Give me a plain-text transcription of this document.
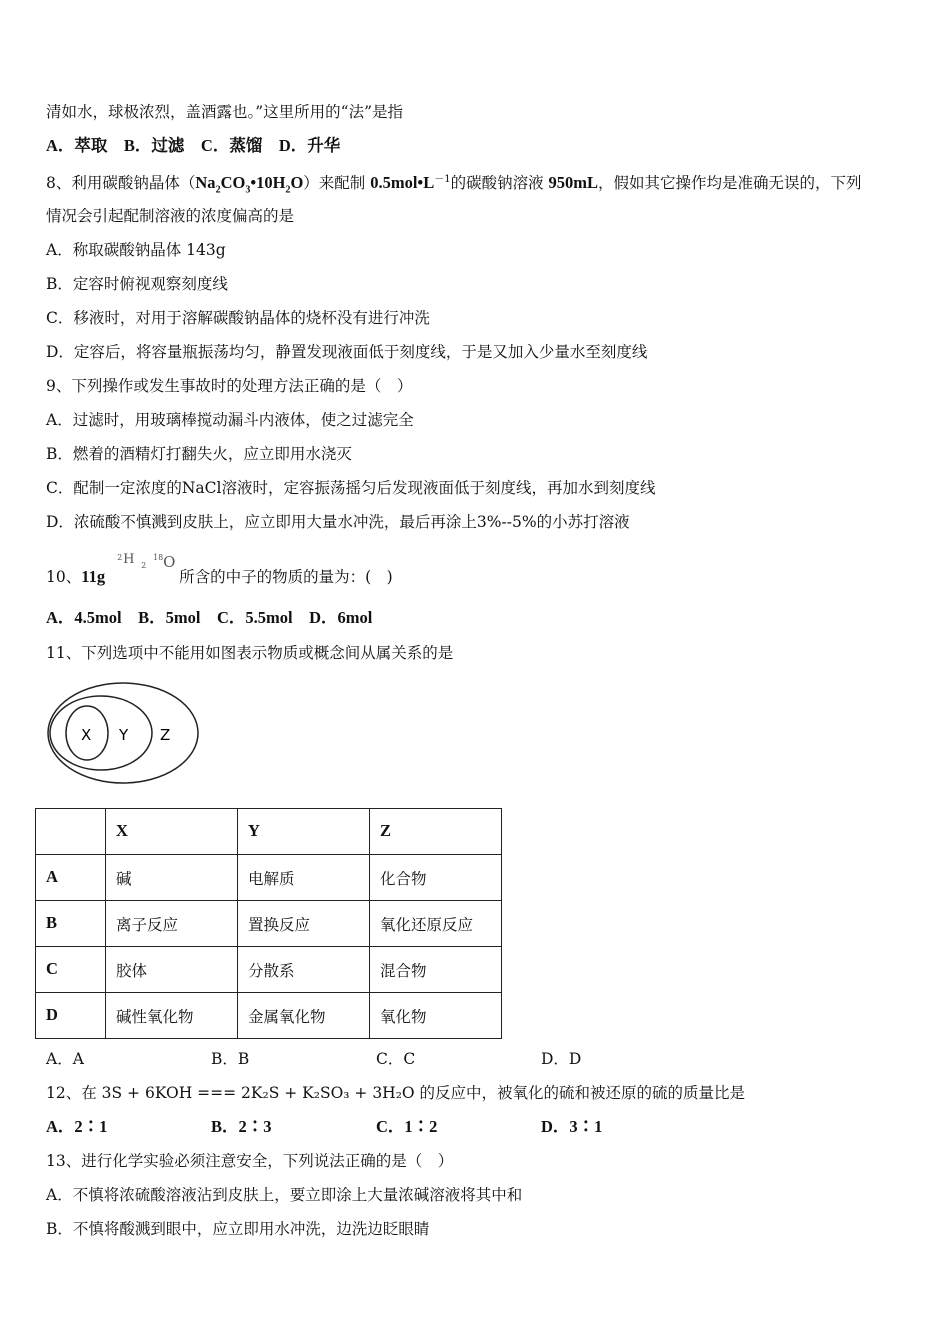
清如水，球极浓烈，盖酒露也。”这里所用的“法”是指
A．萃取　B．过滤　C．蒸馏　D．升华
8、利用碳酸钠晶体$(Na_2CO_3•10H_2O)$来配制 $0.5mol•L^{-1}$的碳酸钠溶液 950mL，假如其它操作均是准确无误的，下列
情况会引起配制溶液的浓度偏高的是
A．称取碳酸钠晶体 143g
B．定容时俯视观察刻度线
C．移液时，对用于溶解碳酸钠晶体的烧杯没有进行冲洗
D．定容后，将容量瓶振荡均匀，静置发现液面低于刻度线，于是又加入少量水至刻度线
9、下列操作或发生事故时的处理方法正确的是（　）
A．过滤时，用玻璃棒搅动漏斗内液体，使之过滤完全
B．燃着的酒精灯打翻失火，应立即用水浇灭
C．配制一定浓度的NaCl溶液时，定容振荡摇匀后发现液面低于刻度线，再加水到刻度线
D．浓硫酸不慎溅到皮肤上，应立即用大量水冲洗，最后再涂上3%--5%的小苏打溶液
10、11g
2 H 2
18 O
所含的中子的物质的量为：(　)
A．4.5mol　B．5mol　C．5.5mol　D．6mol
11、下列选项中不能用如图表示物质或概念间从属关系的是
X Y Z
	X	Y	Z
A	碱	电解质	化合物
B	离子反应	置换反应	氧化还原反应
C	胶体	分散系	混合物
D	碱性氧化物	金属氧化物	氧化物
A．A	B．B	C．C	D．D
12、在 3S + 6KOH === 2K₂S + K₂SO₃ + 3H₂O 的反应中，被氧化的硫和被还原的硫的质量比是
A．2∶1	B．2∶3	C．1∶2	D．3∶1
13、进行化学实验必须注意安全，下列说法正确的是（　）
A．不慎将浓硫酸溶液沾到皮肤上，要立即涂上大量浓碱溶液将其中和
B．不慎将酸溅到眼中，应立即用水冲洗，边洗边眨眼睛
